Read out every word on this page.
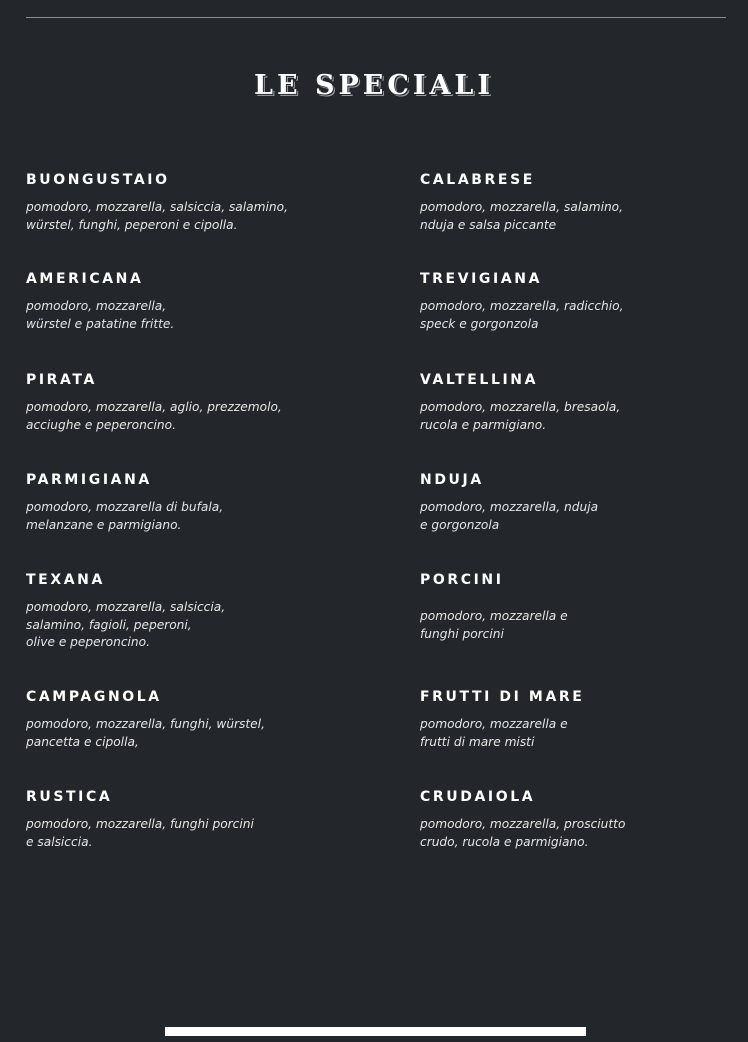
LE SPECIALI

BUONGUSTAIO

pomodoro, mozzarella, salsiccia, salamino,
würstel, funghi, peperoni e cipolla.

CALABRESE

pomodoro, mozzarella, salamino,
nduja e salsa piccante

AMERICANA

pomodoro, mozzarella,
würstel e patatine fritte.

TREVIGIANA

pomodoro, mozzarella, radicchio,
speck e gorgonzola

PIRATA

pomodoro, mozzarella, aglio, prezzemolo,
acciughe e peperoncino.

VALTELLINA

pomodoro, mozzarella, bresaola,
rucola e parmigiano.

PARMIGIANA

pomodoro, mozzarella di bufala,
melanzane e parmigiano.

NDUJA

pomodoro, mozzarella, nduja
e gorgonzola

TEXANA

pomodoro, mozzarella, salsiccia,
salamino, fagioli, peperoni,
olive e peperoncino.

PORCINI

pomodoro, mozzarella e
funghi porcini

CAMPAGNOLA

pomodoro, mozzarella, funghi, würstel,
pancetta e cipolla,

FRUTTI DI MARE

pomodoro, mozzarella e
frutti di mare misti

RUSTICA

pomodoro, mozzarella, funghi porcini
e salsiccia.

CRUDAIOLA

pomodoro, mozzarella, prosciutto
crudo, rucola e parmigiano.
